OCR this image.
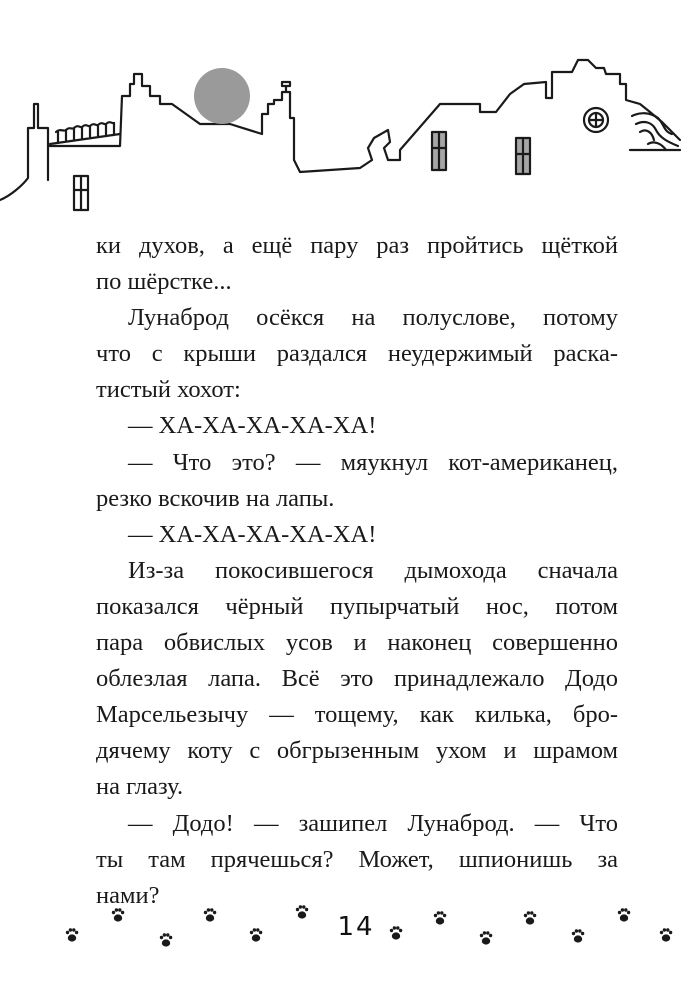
ки духов, а ещё пару раз пройтись щёткой

по шёрстке...

Лунаброд осёкся на полуслове, потому

что с крыши раздался неудержимый раска-

тистый хохот:

— ХА-ХА-ХА-ХА-ХА!

— Что это? — мяукнул кот-американец,

резко вскочив на лапы.

— ХА-ХА-ХА-ХА-ХА!

Из-за покосившегося дымохода сначала

показался чёрный пупырчатый нос, потом

пара обвислых усов и наконец совершенно

облезлая лапа. Всё это принадлежало Додо

Марсельезычу — тощему, как килька, бро-

дячему коту с обгрызенным ухом и шрамом

на глазу.

— Додо! — зашипел Лунаброд. — Что

ты там прячешься? Может, шпионишь за

нами?

14
